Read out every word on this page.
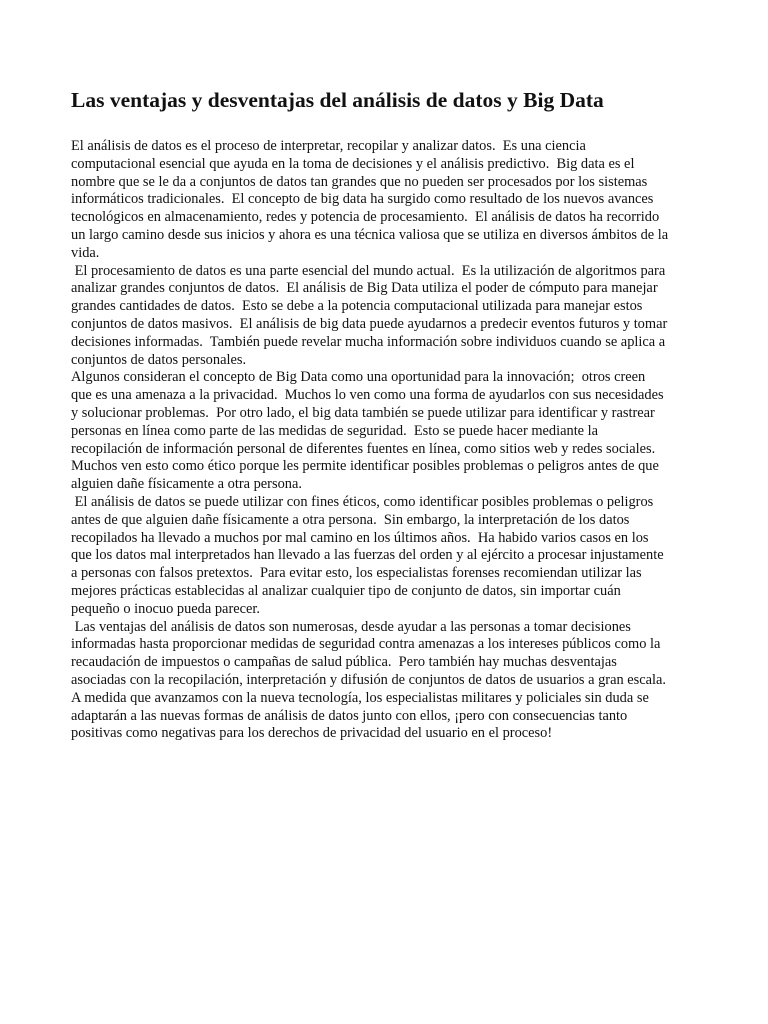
Las ventajas y desventajas del análisis de datos y Big Data
El análisis de datos es el proceso de interpretar, recopilar y analizar datos.  Es una ciencia
computacional esencial que ayuda en la toma de decisiones y el análisis predictivo.  Big data es el
nombre que se le da a conjuntos de datos tan grandes que no pueden ser procesados por los sistemas
informáticos tradicionales.  El concepto de big data ha surgido como resultado de los nuevos avances
tecnológicos en almacenamiento, redes y potencia de procesamiento.  El análisis de datos ha recorrido
un largo camino desde sus inicios y ahora es una técnica valiosa que se utiliza en diversos ámbitos de la
vida.
El procesamiento de datos es una parte esencial del mundo actual.  Es la utilización de algoritmos para
analizar grandes conjuntos de datos.  El análisis de Big Data utiliza el poder de cómputo para manejar
grandes cantidades de datos.  Esto se debe a la potencia computacional utilizada para manejar estos
conjuntos de datos masivos.  El análisis de big data puede ayudarnos a predecir eventos futuros y tomar
decisiones informadas.  También puede revelar mucha información sobre individuos cuando se aplica a
conjuntos de datos personales.
Algunos consideran el concepto de Big Data como una oportunidad para la innovación;  otros creen
que es una amenaza a la privacidad.  Muchos lo ven como una forma de ayudarlos con sus necesidades
y solucionar problemas.  Por otro lado, el big data también se puede utilizar para identificar y rastrear
personas en línea como parte de las medidas de seguridad.  Esto se puede hacer mediante la
recopilación de información personal de diferentes fuentes en línea, como sitios web y redes sociales.
Muchos ven esto como ético porque les permite identificar posibles problemas o peligros antes de que
alguien dañe físicamente a otra persona.
El análisis de datos se puede utilizar con fines éticos, como identificar posibles problemas o peligros
antes de que alguien dañe físicamente a otra persona.  Sin embargo, la interpretación de los datos
recopilados ha llevado a muchos por mal camino en los últimos años.  Ha habido varios casos en los
que los datos mal interpretados han llevado a las fuerzas del orden y al ejército a procesar injustamente
a personas con falsos pretextos.  Para evitar esto, los especialistas forenses recomiendan utilizar las
mejores prácticas establecidas al analizar cualquier tipo de conjunto de datos, sin importar cuán
pequeño o inocuo pueda parecer.
Las ventajas del análisis de datos son numerosas, desde ayudar a las personas a tomar decisiones
informadas hasta proporcionar medidas de seguridad contra amenazas a los intereses públicos como la
recaudación de impuestos o campañas de salud pública.  Pero también hay muchas desventajas
asociadas con la recopilación, interpretación y difusión de conjuntos de datos de usuarios a gran escala.
A medida que avanzamos con la nueva tecnología, los especialistas militares y policiales sin duda se
adaptarán a las nuevas formas de análisis de datos junto con ellos, ¡pero con consecuencias tanto
positivas como negativas para los derechos de privacidad del usuario en el proceso!
